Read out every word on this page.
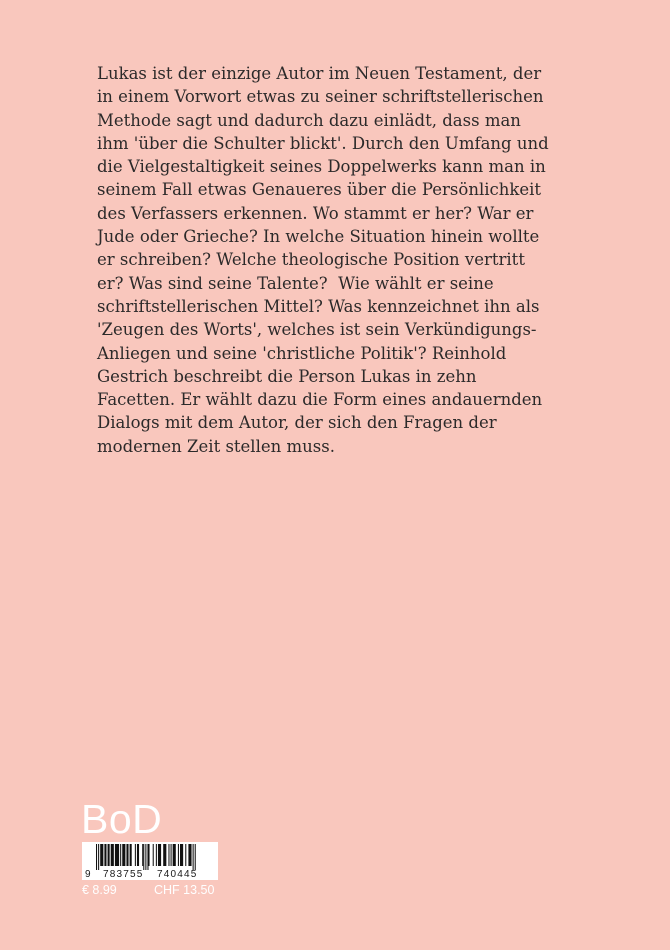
Lukas ist der einzige Autor im Neuen Testament, der
in einem Vorwort etwas zu seiner schriftstellerischen
Methode sagt und dadurch dazu einlädt, dass man
ihm 'über die Schulter blickt'. Durch den Umfang und
die Vielgestaltigkeit seines Doppelwerks kann man in
seinem Fall etwas Genaueres über die Persönlichkeit
des Verfassers erkennen. Wo stammt er her? War er
Jude oder Grieche? In welche Situation hinein wollte
er schreiben? Welche theologische Position vertritt
er? Was sind seine Talente?  Wie wählt er seine
schriftstellerischen Mittel? Was kennzeichnet ihn als
'Zeugen des Worts', welches ist sein Verkündigungs-
Anliegen und seine 'christliche Politik'? Reinhold
Gestrich beschreibt die Person Lukas in zehn
Facetten. Er wählt dazu die Form eines andauernden
Dialogs mit dem Autor, der sich den Fragen der
modernen Zeit stellen muss.

BoD
9 783755 740445
€ 8.99	CHF 13.50
